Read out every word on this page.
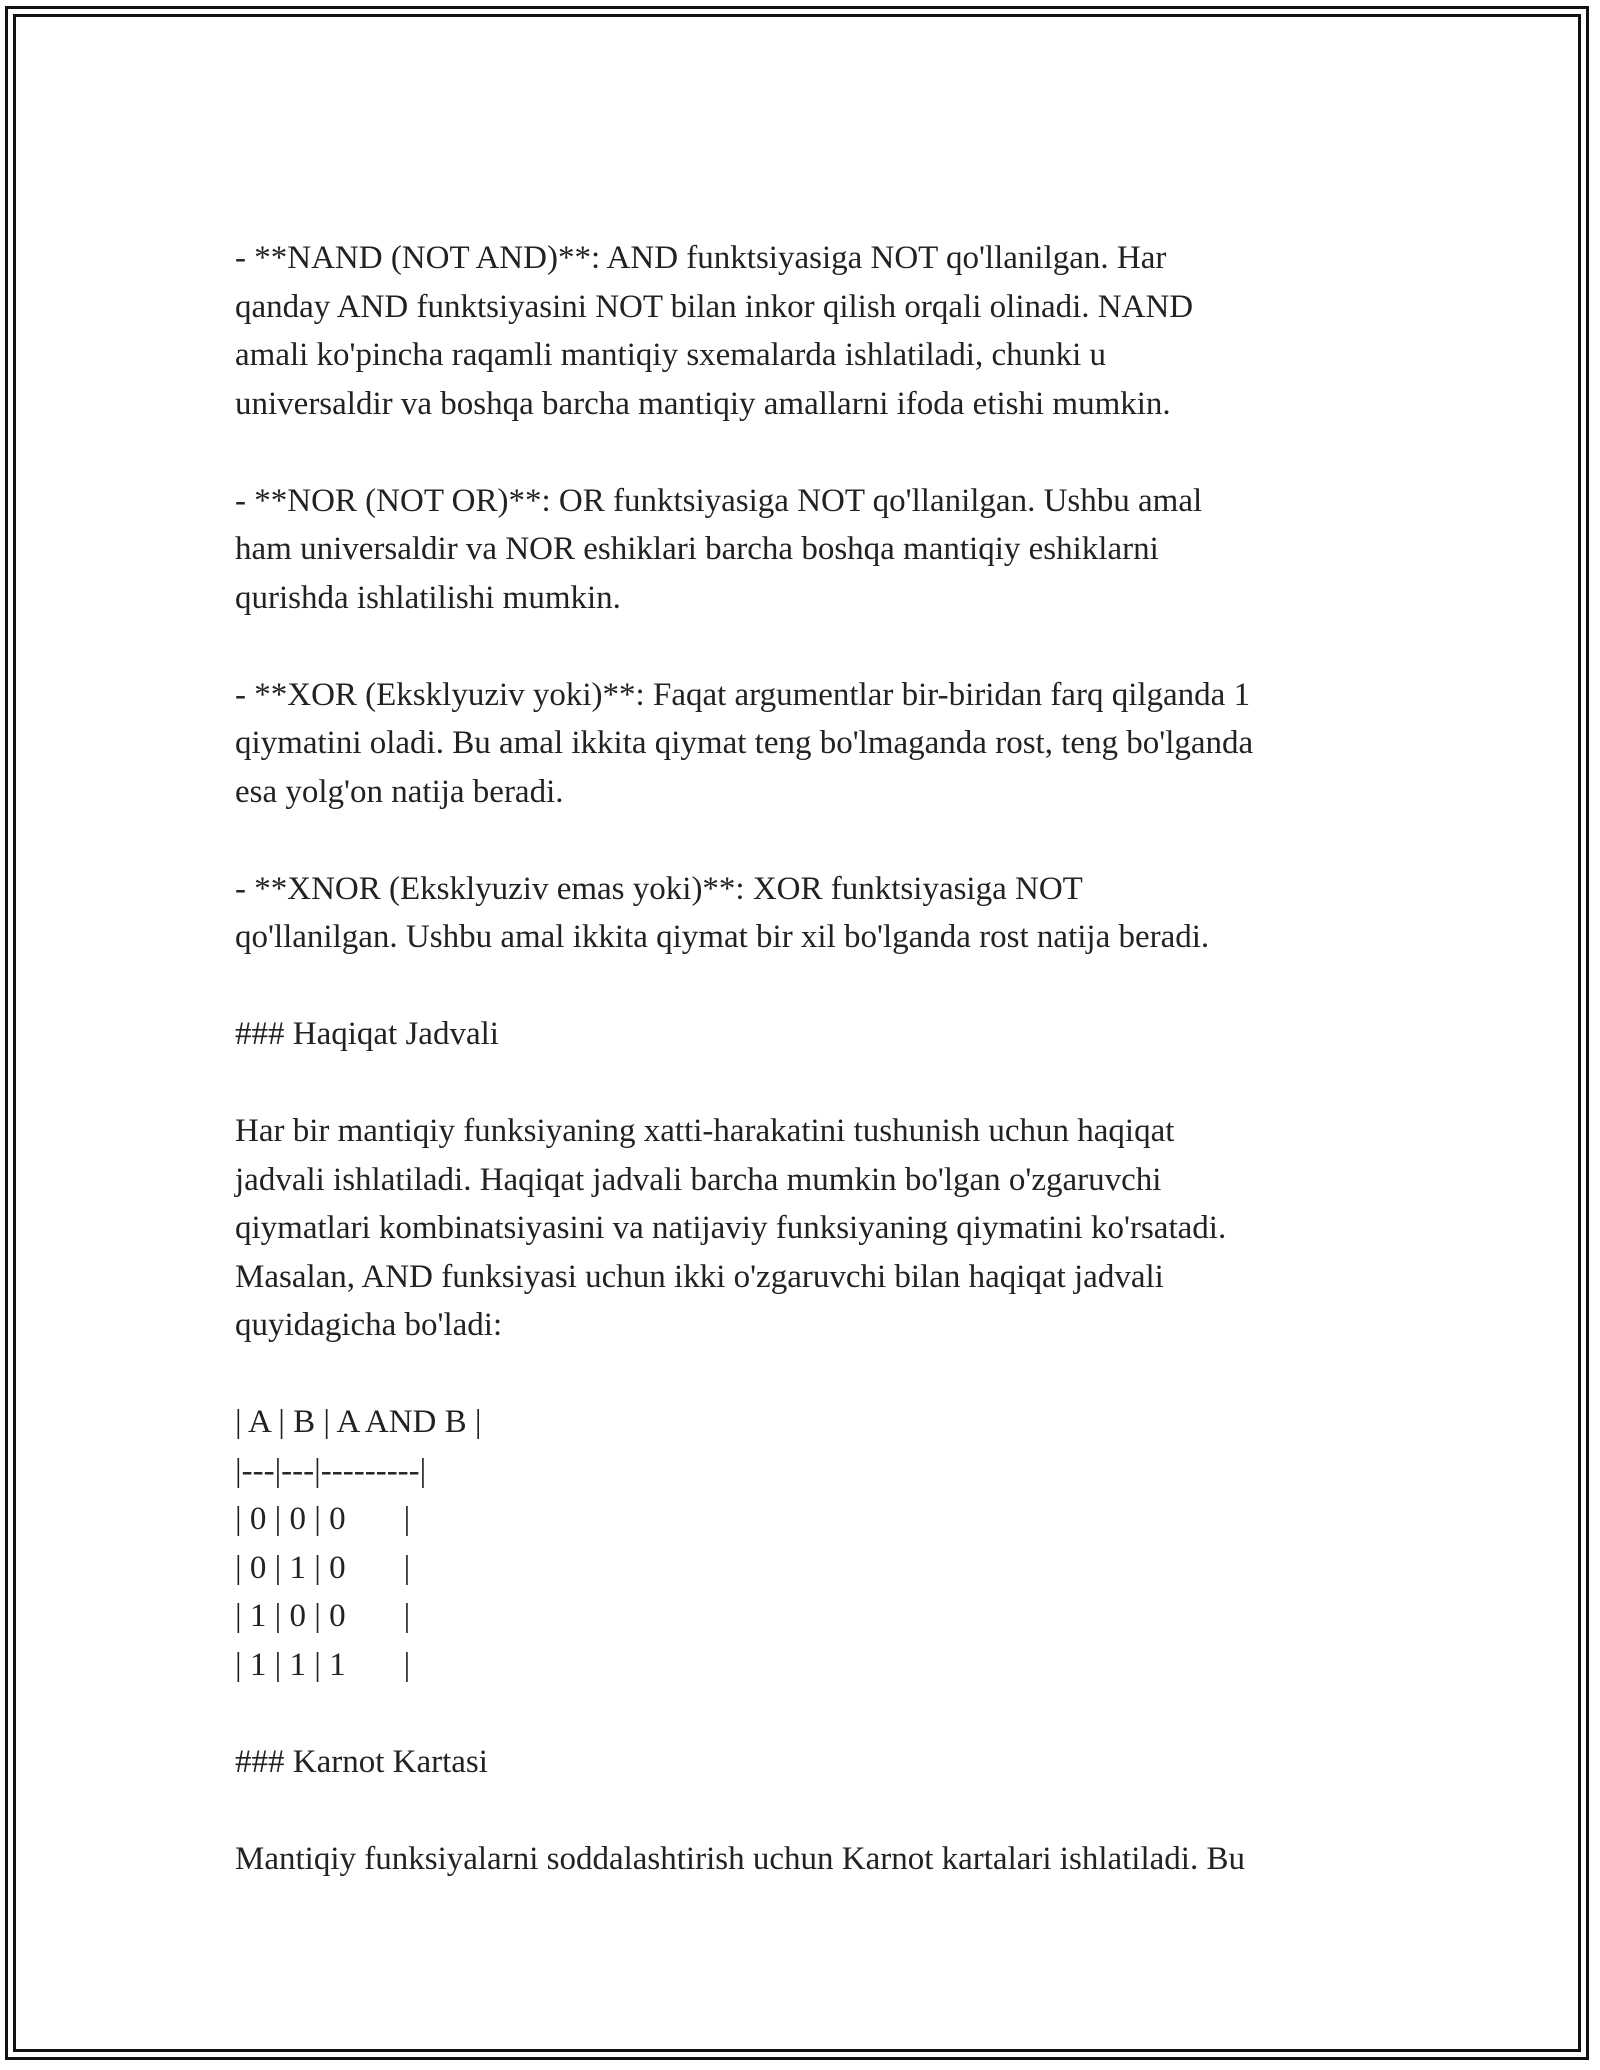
- **NAND (NOT AND)**: AND funktsiyasiga NOT qo'llanilgan. Har
qanday AND funktsiyasini NOT bilan inkor qilish orqali olinadi. NAND
amali ko'pincha raqamli mantiqiy sxemalarda ishlatiladi, chunki u
universaldir va boshqa barcha mantiqiy amallarni ifoda etishi mumkin.
- **NOR (NOT OR)**: OR funktsiyasiga NOT qo'llanilgan. Ushbu amal
ham universaldir va NOR eshiklari barcha boshqa mantiqiy eshiklarni
qurishda ishlatilishi mumkin.
- **XOR (Eksklyuziv yoki)**: Faqat argumentlar bir-biridan farq qilganda 1
qiymatini oladi. Bu amal ikkita qiymat teng bo'lmaganda rost, teng bo'lganda
esa yolg'on natija beradi.
- **XNOR (Eksklyuziv emas yoki)**: XOR funktsiyasiga NOT
qo'llanilgan. Ushbu amal ikkita qiymat bir xil bo'lganda rost natija beradi.
### Haqiqat Jadvali
Har bir mantiqiy funksiyaning xatti-harakatini tushunish uchun haqiqat
jadvali ishlatiladi. Haqiqat jadvali barcha mumkin bo'lgan o'zgaruvchi
qiymatlari kombinatsiyasini va natijaviy funksiyaning qiymatini ko'rsatadi.
Masalan, AND funksiyasi uchun ikki o'zgaruvchi bilan haqiqat jadvali
quyidagicha bo'ladi:
| A | B | A AND B |
|---|---|---------|
| 0 | 0 | 0 |
| 0 | 1 | 0 |
| 1 | 0 | 0 |
| 1 | 1 | 1 |
### Karnot Kartasi
Mantiqiy funksiyalarni soddalashtirish uchun Karnot kartalari ishlatiladi. Bu
